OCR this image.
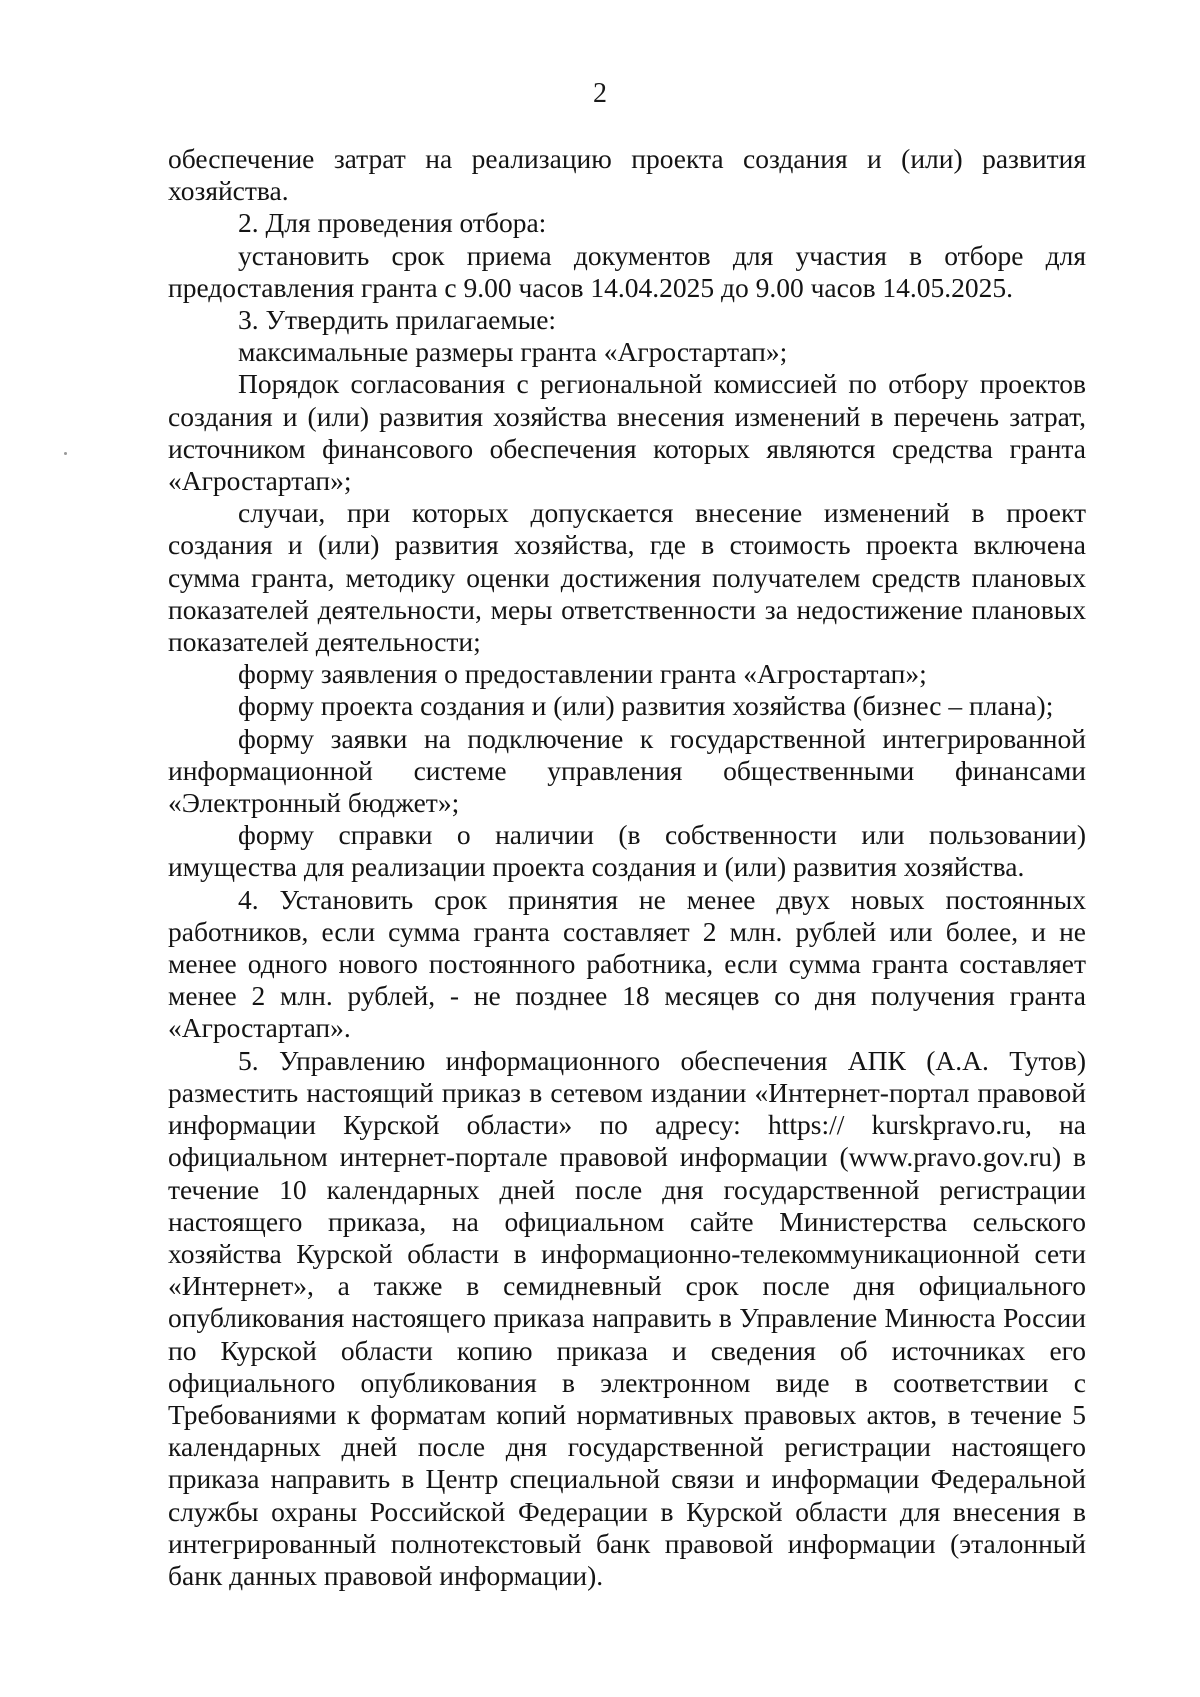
2

обеспечение затрат на реализацию проекта создания и (или) развития хозяйства.

2. Для проведения отбора:

установить срок приема документов для участия в отборе для предоставления гранта с 9.00 часов 14.04.2025 до 9.00 часов 14.05.2025.

3. Утвердить прилагаемые:

максимальные размеры гранта «Агростартап»;

Порядок согласования с региональной комиссией по отбору проектов создания и (или) развития хозяйства внесения изменений в перечень затрат, источником финансового обеспечения которых являются средства гранта «Агростартап»;

случаи, при которых допускается внесение изменений в проект создания и (или) развития хозяйства, где в стоимость проекта включена сумма гранта, методику оценки достижения получателем средств плановых показателей деятельности, меры ответственности за недостижение плановых показателей деятельности;

форму заявления о предоставлении гранта «Агростартап»;

форму проекта создания и (или) развития хозяйства (бизнес – плана);

форму заявки на подключение к государственной интегрированной информационной системе управления общественными финансами «Электронный бюджет»;

форму справки о наличии (в собственности или пользовании) имущества для реализации проекта создания и (или) развития хозяйства.

4. Установить срок принятия не менее двух новых постоянных работников, если сумма гранта составляет 2 млн. рублей или более, и не менее одного нового постоянного работника, если сумма гранта составляет менее 2 млн. рублей, - не позднее 18 месяцев со дня получения гранта «Агростартап».

5. Управлению информационного обеспечения АПК (А.А. Тутов) разместить настоящий приказ в сетевом издании «Интернет-портал правовой информации Курской области» по адресу: https:// kurskpravo.ru, на официальном интернет-портале правовой информации (www.pravo.gov.ru) в течение 10 календарных дней после дня государственной регистрации настоящего приказа, на официальном сайте Министерства сельского хозяйства Курской области в информационно-телекоммуникационной сети «Интернет», а также в семидневный срок после дня официального опубликования настоящего приказа направить в Управление Минюста России по Курской области копию приказа и сведения об источниках его официального опубликования в электронном виде в соответствии с Требованиями к форматам копий нормативных правовых актов, в течение 5 календарных дней после дня государственной регистрации настоящего приказа направить в Центр специальной связи и информации Федеральной службы охраны Российской Федерации в Курской области для внесения в интегрированный полнотекстовый банк правовой информации (эталонный банк данных правовой информации).
